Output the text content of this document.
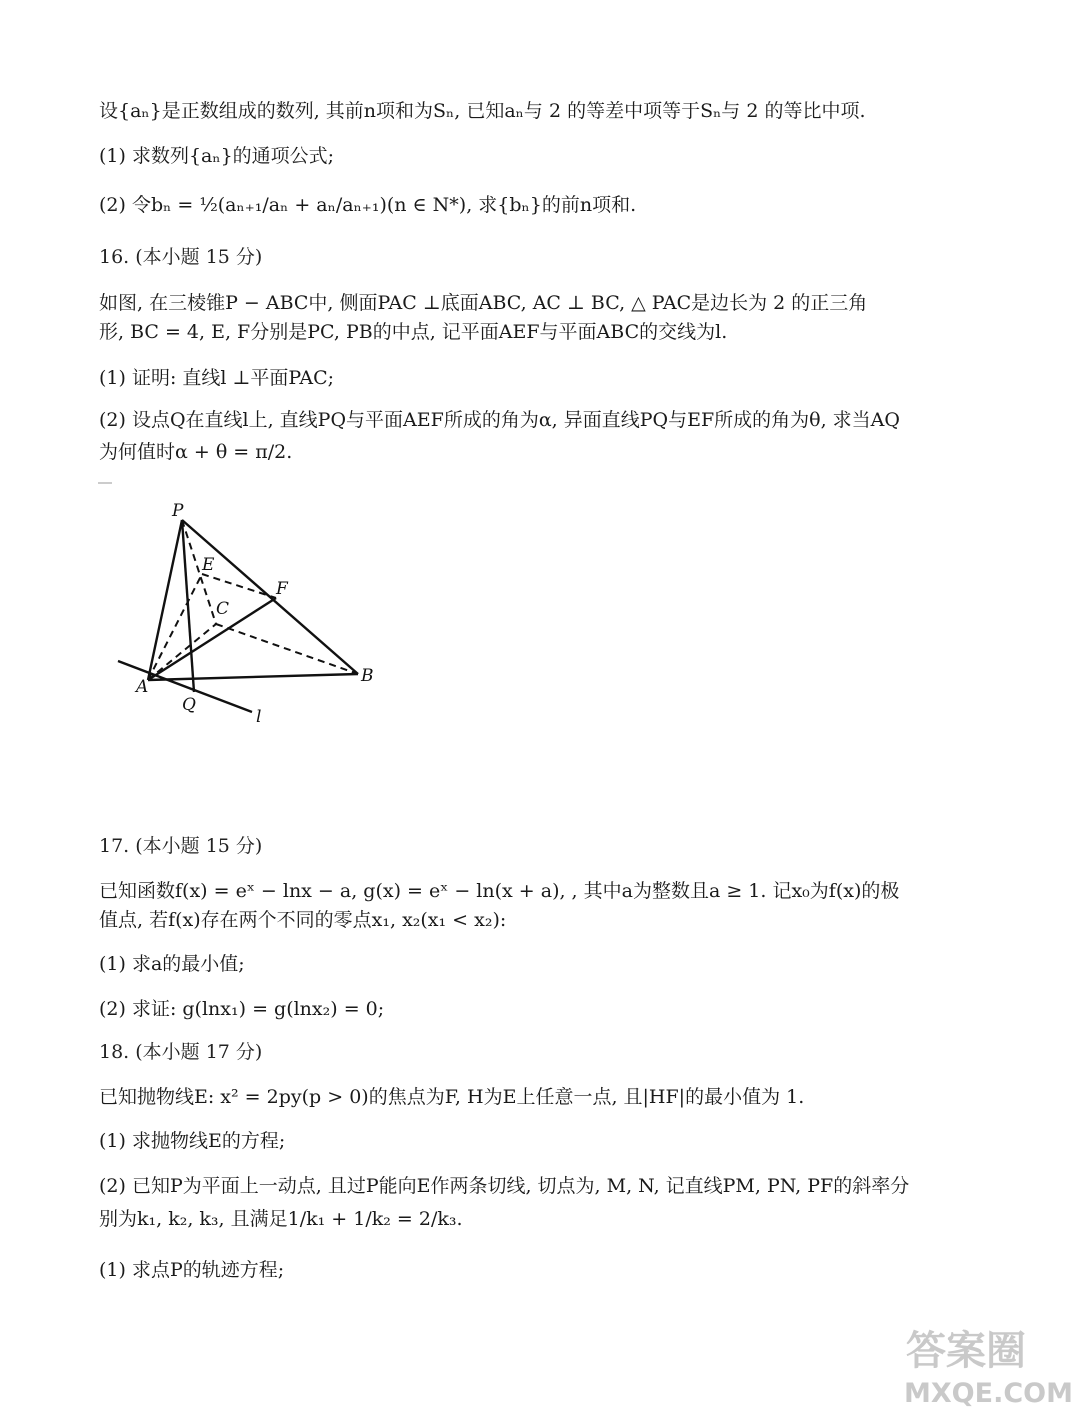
设{aₙ}是正数组成的数列, 其前n项和为Sₙ, 已知aₙ与 2 的等差中项等于Sₙ与 2 的等比中项.
(1) 求数列{aₙ}的通项公式;
(2) 令bₙ = ½(aₙ₊₁/aₙ + aₙ/aₙ₊₁)(n ∈ N*), 求{bₙ}的前n项和.
16. (本小题 15 分)
如图, 在三棱锥P − ABC中, 侧面PAC ⊥底面ABC, AC ⊥ BC, △ PAC是边长为 2 的正三角
形, BC = 4, E, F分别是PC, PB的中点, 记平面AEF与平面ABC的交线为l.
(1) 证明: 直线l ⊥平面PAC;
(2) 设点Q在直线l上, 直线PQ与平面AEF所成的角为α, 异面直线PQ与EF所成的角为θ, 求当AQ
为何值时α + θ = π/2.
P
E
F
C
A
B
Q
l
17. (本小题 15 分)
已知函数f(x) = eˣ − lnx − a, g(x) = eˣ − ln(x + a), , 其中a为整数且a ≥ 1. 记x₀为f(x)的极
值点, 若f(x)存在两个不同的零点x₁, x₂(x₁ < x₂):
(1) 求a的最小值;
(2) 求证: g(lnx₁) = g(lnx₂) = 0;
18. (本小题 17 分)
已知抛物线E: x² = 2py(p > 0)的焦点为F, H为E上任意一点, 且|HF|的最小值为 1.
(1) 求抛物线E的方程;
(2) 已知P为平面上一动点, 且过P能向E作两条切线, 切点为, M, N, 记直线PM, PN, PF的斜率分
别为k₁, k₂, k₃, 且满足1/k₁ + 1/k₂ = 2/k₃.
(1) 求点P的轨迹方程;
答案圈
MXQE.COM
